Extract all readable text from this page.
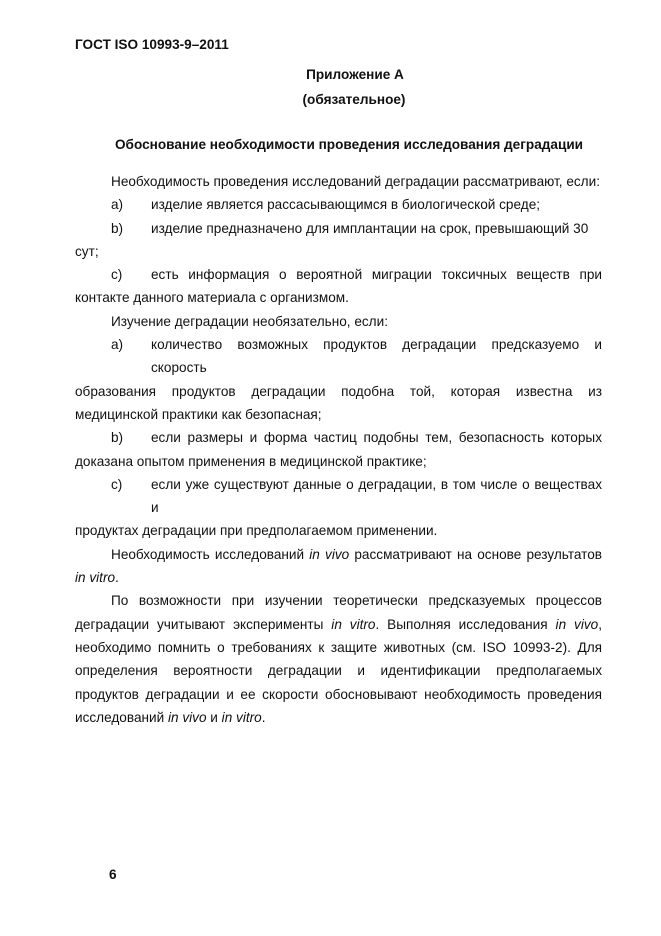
ГОСТ ISO 10993-9–2011
Приложение А
(обязательное)
Обоснование необходимости проведения исследования деградации

Необходимость проведения исследований деградации рассматривают, если:

a) изделие является рассасывающимся в биологической среде;

b) изделие предназначено для имплантации на срок, превышающий 30
сут;

c) есть информация о вероятной миграции токсичных веществ при

контакте данного материала с организмом.

Изучение деградации необязательно, если:

a) количество возможных продуктов деградации предсказуемо и скорость

образования продуктов деградации подобна той, которая известна из медицинской практики как безопасная;

b) если размеры и форма частиц подобны тем, безопасность которых

доказана опытом применения в медицинской практике;

c) если уже существуют данные о деградации, в том числе о веществах и

продуктах деградации при предполагаемом применении.

Необходимость исследований in vivo рассматривают на основе результатов in vitro.

По возможности при изучении теоретически предсказуемых процессов деградации учитывают эксперименты in vitro. Выполняя исследования in vivo, необходимо помнить о требованиях к защите животных (см. ISO 10993-2). Для определения вероятности деградации и идентификации предполагаемых продуктов деградации и ее скорости обосновывают необходимость проведения исследований in vivo и in vitro.

6
